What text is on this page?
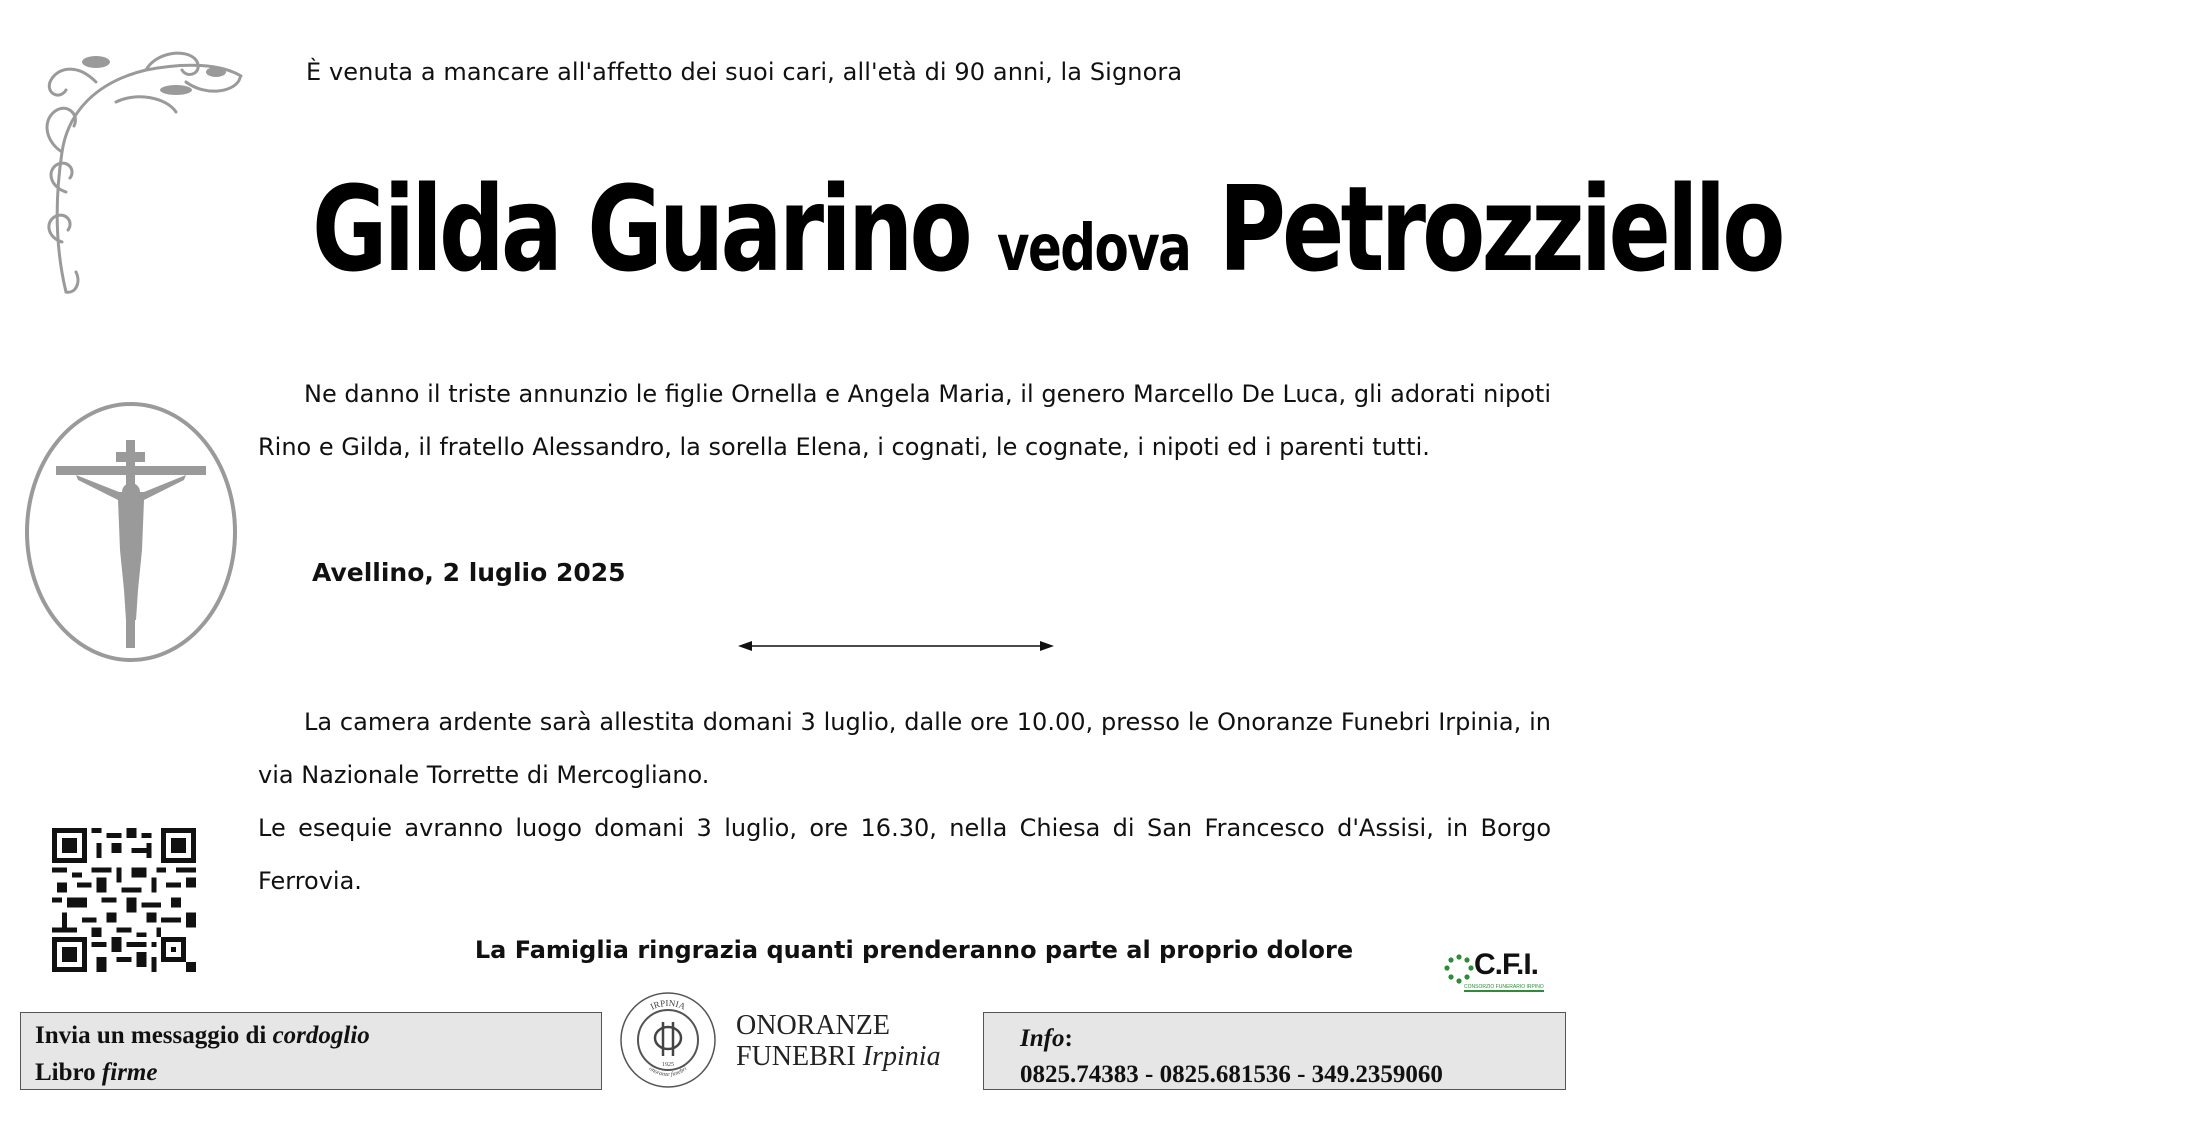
È venuta a mancare all'affetto dei suoi cari, all'età di 90 anni, la Signora
Gilda Guarino vedova Petrozziello
Ne danno il triste annunzio le figlie Ornella e Angela Maria, il genero Marcello De Luca, gli adorati nipoti Rino e Gilda, il fratello Alessandro, la sorella Elena, i cognati, le cognate, i nipoti ed i parenti tutti.
Avellino, 2 luglio 2025
La camera ardente sarà allestita domani 3 luglio, dalle ore 10.00, presso le Onoranze Funebri Irpinia, in via Nazionale Torrette di Mercogliano.
Le esequie avranno luogo domani 3 luglio, ore 16.30, nella Chiesa di San Francesco d'Assisi, in Borgo Ferrovia.
La Famiglia ringrazia quanti prenderanno parte al proprio dolore	C.F.I.
CONSORZIO FUNERARIO IRPINO
Invia un messaggio di cordoglio
Libro firme
IRPINIA
onoranze funebri
1925
ONORANZE
FUNEBRI Irpinia
Info:
0825.74383 - 0825.681536 - 349.2359060
